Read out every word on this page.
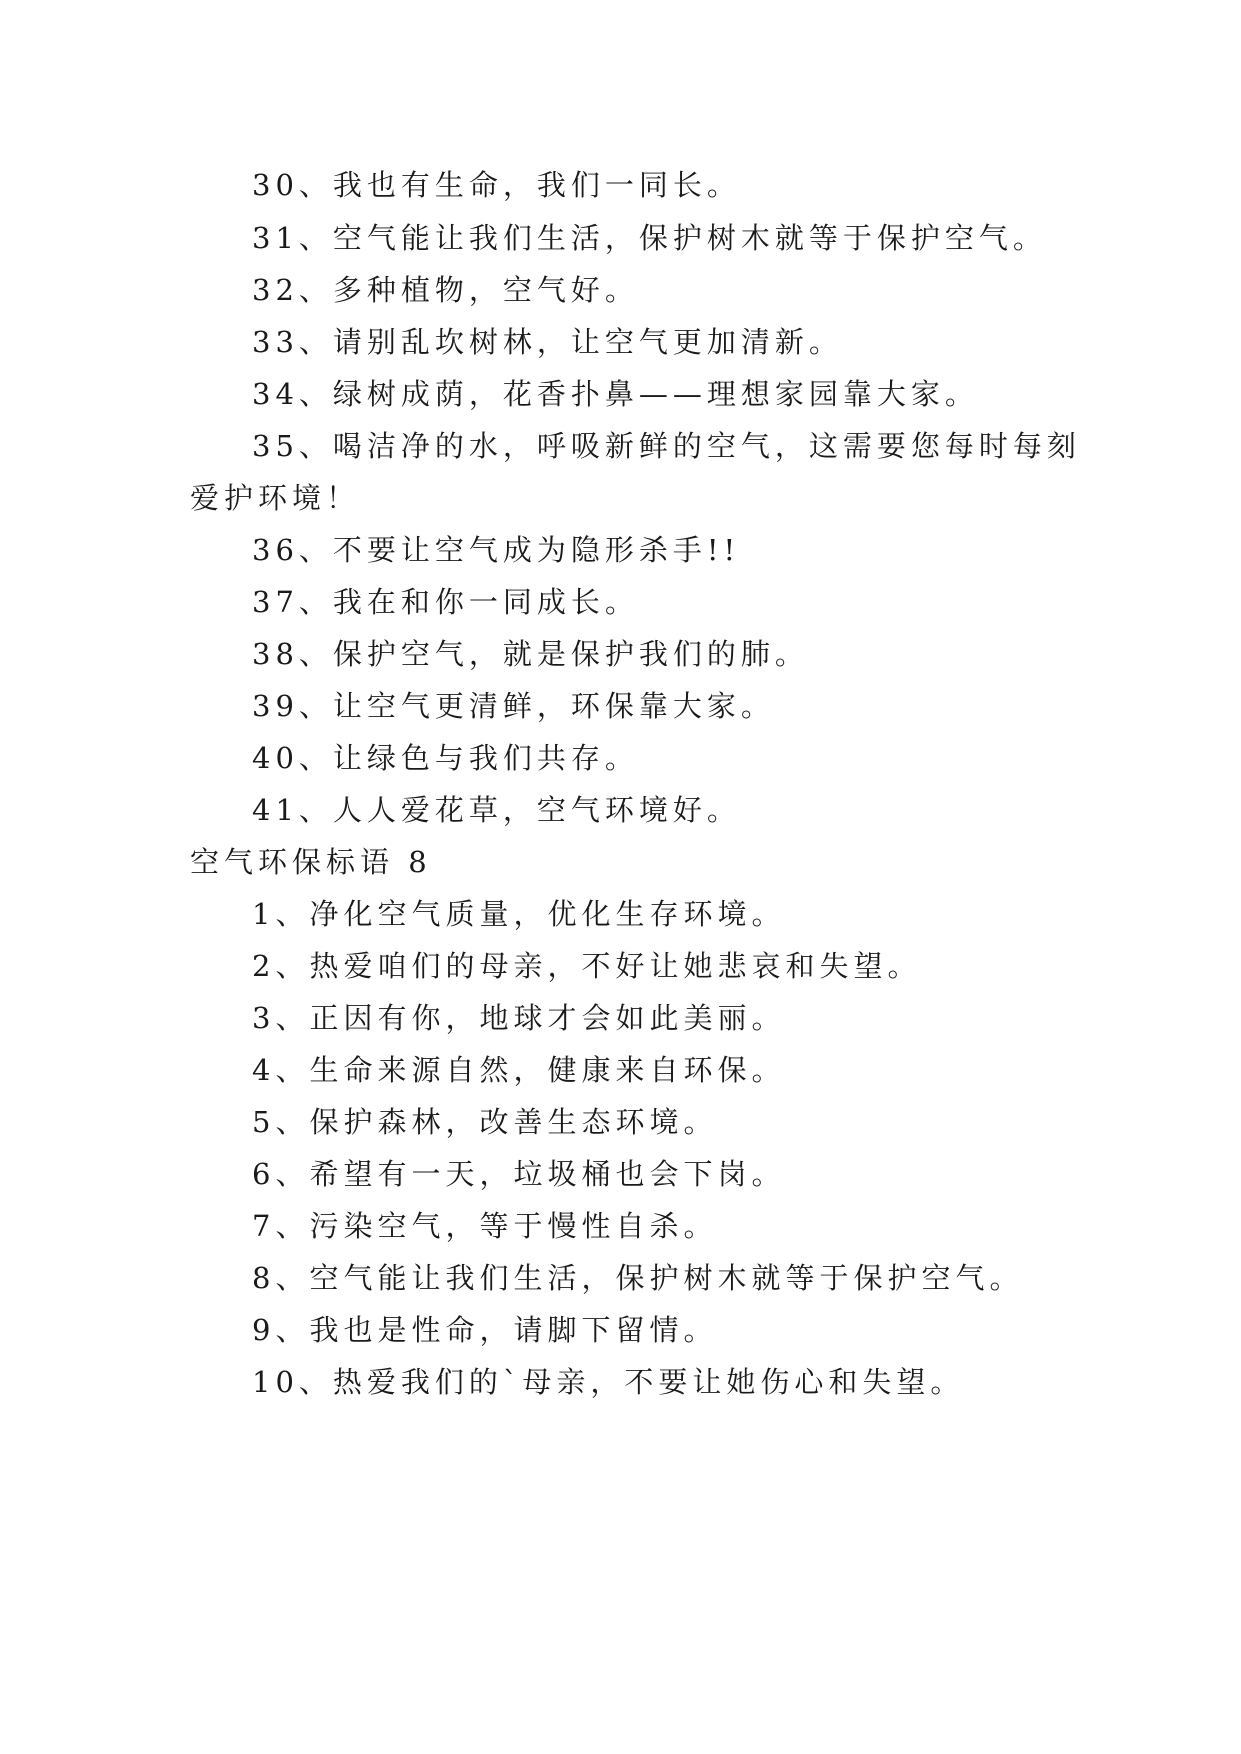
30、我也有生命，我们一同长。
31、空气能让我们生活，保护树木就等于保护空气。
32、多种植物，空气好。
33、请别乱坎树林，让空气更加清新。
34、绿树成荫，花香扑鼻——理想家园靠大家。
35、喝洁净的水，呼吸新鲜的空气，这需要您每时每刻
爱护环境！
36、不要让空气成为隐形杀手!!
37、我在和你一同成长。
38、保护空气，就是保护我们的肺。
39、让空气更清鲜，环保靠大家。
40、让绿色与我们共存。
41、人人爱花草，空气环境好。
空气环保标语 8
1、净化空气质量，优化生存环境。
2、热爱咱们的母亲，不好让她悲哀和失望。
3、正因有你，地球才会如此美丽。
4、生命来源自然，健康来自环保。
5、保护森林，改善生态环境。
6、希望有一天，垃圾桶也会下岗。
7、污染空气，等于慢性自杀。
8、空气能让我们生活，保护树木就等于保护空气。
9、我也是性命，请脚下留情。
10、热爱我们的`母亲，不要让她伤心和失望。
